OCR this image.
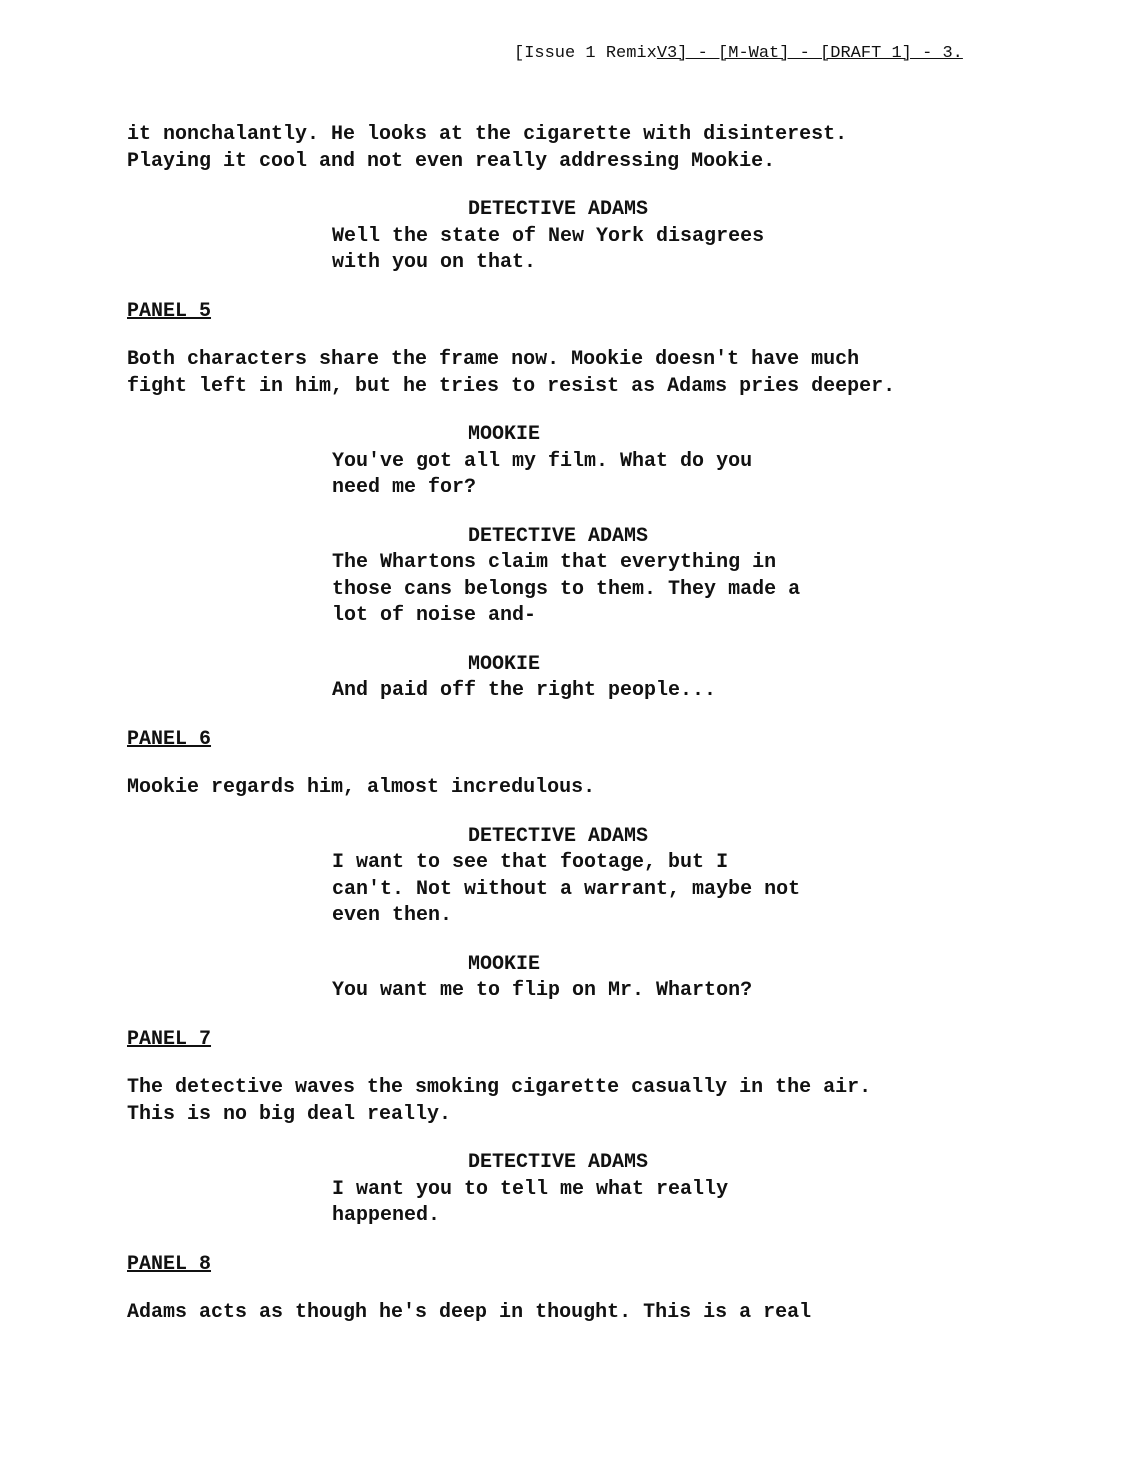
[Issue 1 RemixV3] - [M-Wat] - [DRAFT 1] - 3.

it nonchalantly. He looks at the cigarette with disinterest.

Playing it cool and not even really addressing Mookie.

DETECTIVE ADAMS

Well the state of New York disagrees

with you on that.

PANEL 5

Both characters share the frame now. Mookie doesn't have much

fight left in him, but he tries to resist as Adams pries deeper.

MOOKIE

You've got all my film. What do you

need me for?

DETECTIVE ADAMS

The Whartons claim that everything in

those cans belongs to them. They made a

lot of noise and-

MOOKIE

And paid off the right people...

PANEL 6

Mookie regards him, almost incredulous.

DETECTIVE ADAMS

I want to see that footage, but I

can't. Not without a warrant, maybe not

even then.

MOOKIE

You want me to flip on Mr. Wharton?

PANEL 7

The detective waves the smoking cigarette casually in the air.

This is no big deal really.

DETECTIVE ADAMS

I want you to tell me what really

happened.

PANEL 8

Adams acts as though he's deep in thought. This is a real
